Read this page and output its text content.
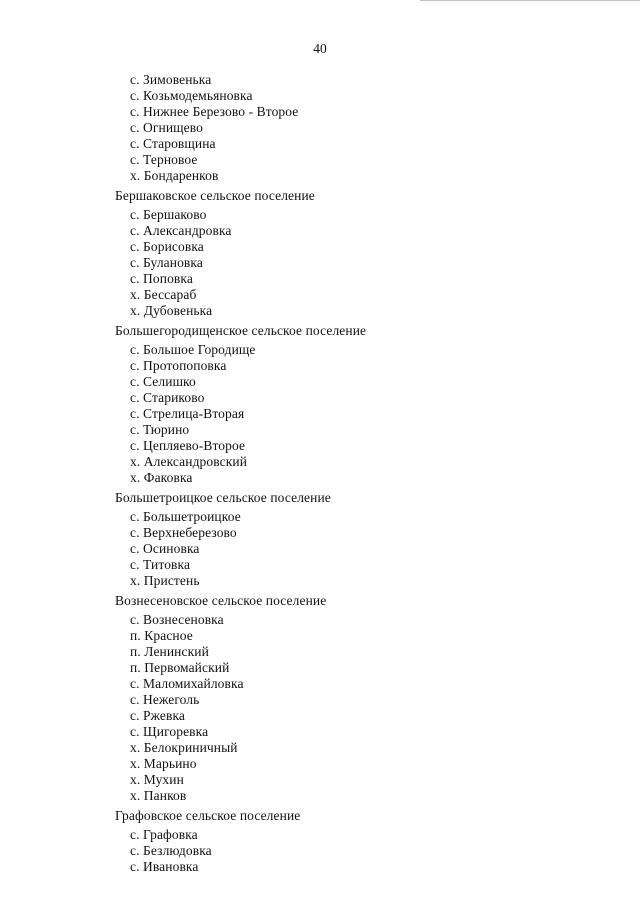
40
с. Зимовенька
с. Козьмодемьяновка
с. Нижнее Березово - Второе
с. Огнищево
с. Старовщина
с. Терновое
х. Бондаренков
Бершаковское сельское поселение
с. Бершаково
с. Александровка
с. Борисовка
с. Булановка
с. Поповка
х. Бессараб
х. Дубовенька
Большегородищенское сельское поселение
с. Большое Городище
с. Протопоповка
с. Селишко
с. Стариково
с. Стрелица-Вторая
с. Тюрино
с. Цепляево-Второе
х. Александровский
х. Факовка
Большетроицкое сельское поселение
с. Большетроицкое
с. Верхнеберезово
с. Осиновка
с. Титовка
х. Пристень
Вознесеновское сельское поселение
с. Вознесеновка
п. Красное
п. Ленинский
п. Первомайский
с. Маломихайловка
с. Нежеголь
с. Ржевка
с. Щигоревка
х. Белокриничный
х. Марьино
х. Мухин
х. Панков
Графовское сельское поселение
с. Графовка
с. Безлюдовка
с. Ивановка
